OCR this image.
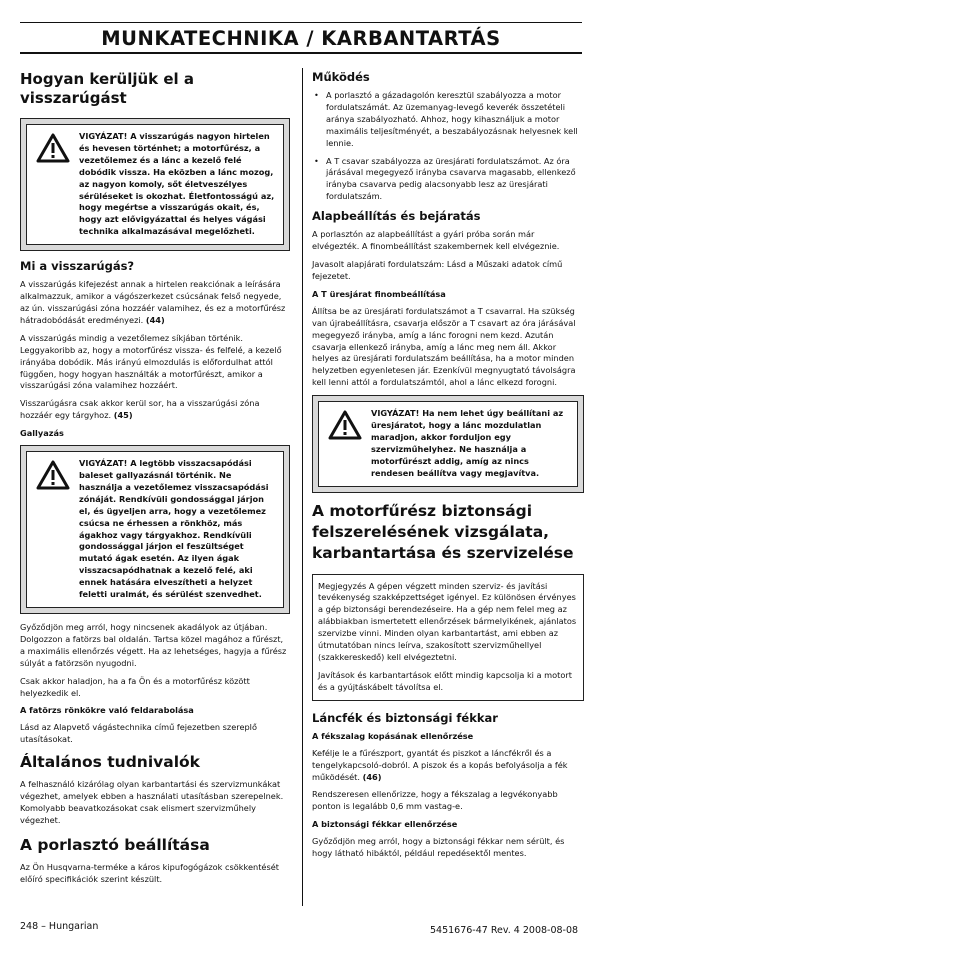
MUNKATECHNIKA / KARBANTARTÁS
Hogyan kerüljük el a visszarúgást
VIGYÁZAT! A visszarúgás nagyon hirtelen és hevesen történhet; a motorfűrész, a vezetőlemez és a lánc a kezelő felé dobódik vissza. Ha eközben a lánc mozog, az nagyon komoly, sőt életveszélyes sérüléseket is okozhat. Életfontosságú az, hogy megértse a visszarúgás okait, és, hogy azt elővigyázattal és helyes vágási technika alkalmazásával megelőzheti.
Mi a visszarúgás?

A visszarúgás kifejezést annak a hirtelen reakciónak a leírására alkalmazzuk, amikor a vágószerkezet csúcsának felső negyede, az ún. visszarúgási zóna hozzáér valamihez, és ez a motorfűrész hátradobódását eredményezi. (44)

A visszarúgás mindig a vezetőlemez síkjában történik. Leggyakoribb az, hogy a motorfűrész vissza- és felfelé, a kezelő irányába dobódik. Más irányú elmozdulás is előfordulhat attól függően, hogy hogyan használták a motorfűrészt, amikor a visszarúgási zóna valamihez hozzáért.

Visszarúgásra csak akkor kerül sor, ha a visszarúgási zóna hozzáér egy tárgyhoz. (45)

Gallyazás
VIGYÁZAT! A legtöbb visszacsapódási baleset gallyazásnál történik. Ne használja a vezetőlemez visszacsapódási zónáját. Rendkívüli gondossággal járjon el, és ügyeljen arra, hogy a vezetőlemez csúcsa ne érhessen a rönkhöz, más ágakhoz vagy tárgyakhoz. Rendkívüli gondossággal járjon el feszültséget mutató ágak esetén. Az ilyen ágak visszacsapódhatnak a kezelő felé, aki ennek hatására elveszítheti a helyzet feletti uralmát, és sérülést szenvedhet.

Győződjön meg arról, hogy nincsenek akadályok az útjában. Dolgozzon a fatörzs bal oldalán. Tartsa közel magához a fűrészt, a maximális ellenőrzés végett. Ha az lehetséges, hagyja a fűrész súlyát a fatörzsön nyugodni.

Csak akkor haladjon, ha a fa Ön és a motorfűrész között helyezkedik el.

A fatörzs rönkökre való feldarabolása

Lásd az Alapvető vágástechnika című fejezetben szereplő utasításokat.

Általános tudnivalók

A felhasználó kizárólag olyan karbantartási és szervizmunkákat végezhet, amelyek ebben a használati utasításban szerepelnek. Komolyabb beavatkozásokat csak elismert szervizműhely végezhet.

A porlasztó beállítása

Az Ön Husqvarna-terméke a káros kipufogógázok csökkentését előíró specifikációk szerint készült.

Működés
• A porlasztó a gázadagolón keresztül szabályozza a motor fordulatszámát. Az üzemanyag-levegő keverék összetételi aránya szabályozható. Ahhoz, hogy kihasználjuk a motor maximális teljesítményét, a beszabályozásnak helyesnek kell lennie.
• A T csavar szabályozza az üresjárati fordulatszámot. Az óra járásával megegyező irányba csavarva magasabb, ellenkező irányba csavarva pedig alacsonyabb lesz az üresjárati fordulatszám.
Alapbeállítás és bejáratás

A porlasztón az alapbeállítást a gyári próba során már elvégezték. A finombeállítást szakembernek kell elvégeznie.

Javasolt alapjárati fordulatszám: Lásd a Műszaki adatok című fejezetet.

A T üresjárat finombeállítása

Állítsa be az üresjárati fordulatszámot a T csavarral. Ha szükség van újrabeállításra, csavarja először a T csavart az óra járásával megegyező irányba, amíg a lánc forogni nem kezd. Azután csavarja ellenkező irányba, amíg a lánc meg nem áll. Akkor helyes az üresjárati fordulatszám beállítása, ha a motor minden helyzetben egyenletesen jár. Ezenkívül megnyugtató távolságra kell lenni attól a fordulatszámtól, ahol a lánc elkezd forogni.

VIGYÁZAT! Ha nem lehet úgy beállítani az üresjáratot, hogy a lánc mozdulatlan maradjon, akkor forduljon egy szervizműhelyhez. Ne használja a motorfűrészt addig, amíg az nincs rendesen beállítva vagy megjavítva.
A motorfűrész biztonsági felszerelésének vizsgálata, karbantartása és szervizelése

Megjegyzés A gépen végzett minden szerviz- és javítási tevékenység szakképzettséget igényel. Ez különösen érvényes a gép biztonsági berendezéseire. Ha a gép nem felel meg az alábbiakban ismertetett ellenőrzések bármelyikének, ajánlatos szervizbe vinni. Minden olyan karbantartást, ami ebben az útmutatóban nincs leírva, szakosított szervizműhellyel (szakkereskedő) kell elvégeztetni.

Javítások és karbantartások előtt mindig kapcsolja ki a motort és a gyújtáskábelt távolítsa el.

Láncfék és biztonsági fékkar
A fékszalag kopásának ellenőrzése

Kefélje le a fűrészport, gyantát és piszkot a láncfékről és a tengelykapcsoló-dobról. A piszok és a kopás befolyásolja a fék működését. (46)

Rendszeresen ellenőrizze, hogy a fékszalag a legvékonyabb ponton is legalább 0,6 mm vastag-e.

A biztonsági fékkar ellenőrzése

Győződjön meg arról, hogy a biztonsági fékkar nem sérült, és hogy látható hibáktól, például repedésektől mentes.

248 – Hungarian	5451676-47 Rev. 4 2008-08-08
